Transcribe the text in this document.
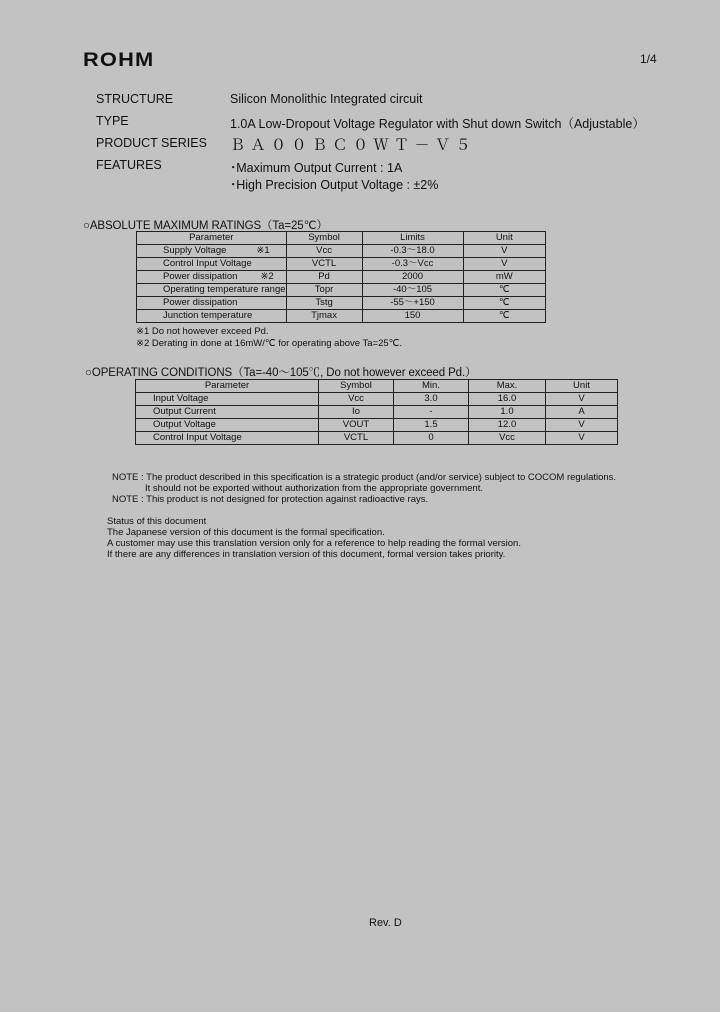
ROHM	1/4
STRUCTURE	Silicon Monolithic Integrated circuit
TYPE	1.0A Low-Dropout Voltage Regulator with Shut down Switch（Adjustable）
PRODUCT SERIES ＢＡ００ＢＣ０ＷＴ－Ｖ５
FEATURES	･Maximum Output Current : 1A
･High Precision Output Voltage : ±2%
○ABSOLUTE MAXIMUM RATINGS（Ta=25℃）
Parameter	Symbol	Limits	Unit
Supply Voltage ※1	Vcc	-0.3～18.0	V
Control Input Voltage	VCTL	-0.3～Vcc	V
Power dissipation ※2	Pd	2000	mW
Operating temperature range	Topr	-40～105	℃
Power dissipation	Tstg	-55～+150	℃
Junction temperature	Tjmax	150	℃
※1 Do not however exceed Pd.
※2 Derating in done at 16mW/℃ for operating above Ta=25℃.
○OPERATING CONDITIONS（Ta=-40～105℃, Do not however exceed Pd.）
Parameter	Symbol	Min.	Max.	Unit
Input Voltage	Vcc	3.0	16.0	V
Output Current	Io	-	1.0	A
Output Voltage	VOUT	1.5	12.0	V
Control Input Voltage	VCTL	0	Vcc	V
NOTE : The product described in this specification is a strategic product (and/or service) subject to COCOM regulations.
It should not be exported without authorization from the appropriate government.
NOTE : This product is not designed for protection against radioactive rays.
Status of this document
The Japanese version of this document is the formal specification.
A customer may use this translation version only for a reference to help reading the formal version.
If there are any differences in translation version of this document, formal version takes priority.
Rev. D
